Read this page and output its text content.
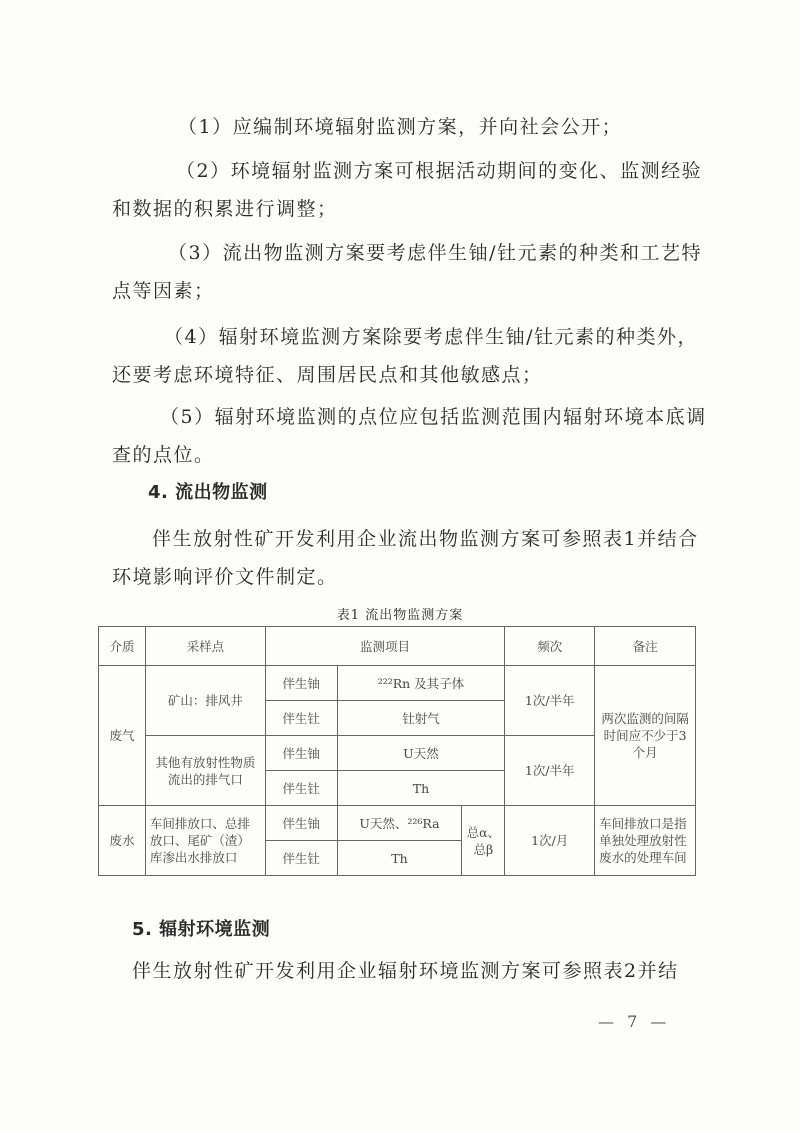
（1）应编制环境辐射监测方案，并向社会公开；

（2）环境辐射监测方案可根据活动期间的变化、监测经验和数据的积累进行调整；

（3）流出物监测方案要考虑伴生铀/钍元素的种类和工艺特点等因素；

（4）辐射环境监测方案除要考虑伴生铀/钍元素的种类外，还要考虑环境特征、周围居民点和其他敏感点；

（5）辐射环境监测的点位应包括监测范围内辐射环境本底调查的点位。

4. 流出物监测

伴生放射性矿开发利用企业流出物监测方案可参照表1并结合环境影响评价文件制定。

表1 流出物监测方案
介质	采样点	监测项目			频次	备注
废气	矿山：排风井	伴生铀	²²²Rn 及其子体		1次/半年	两次监测的间隔时间应不少于3个月
		伴生钍	钍射气			
	其他有放射性物质流出的排气口	伴生铀	U天然		1次/半年	
		伴生钍	Th			
废水	车间排放口、总排放口、尾矿（渣）库渗出水排放口	伴生铀	U天然、²²⁶Ra	总α、总β	1次/月	车间排放口是指单独处理放射性废水的处理车间
		伴生钍	Th			
5. 辐射环境监测

伴生放射性矿开发利用企业辐射环境监测方案可参照表2并结

— 7 —
